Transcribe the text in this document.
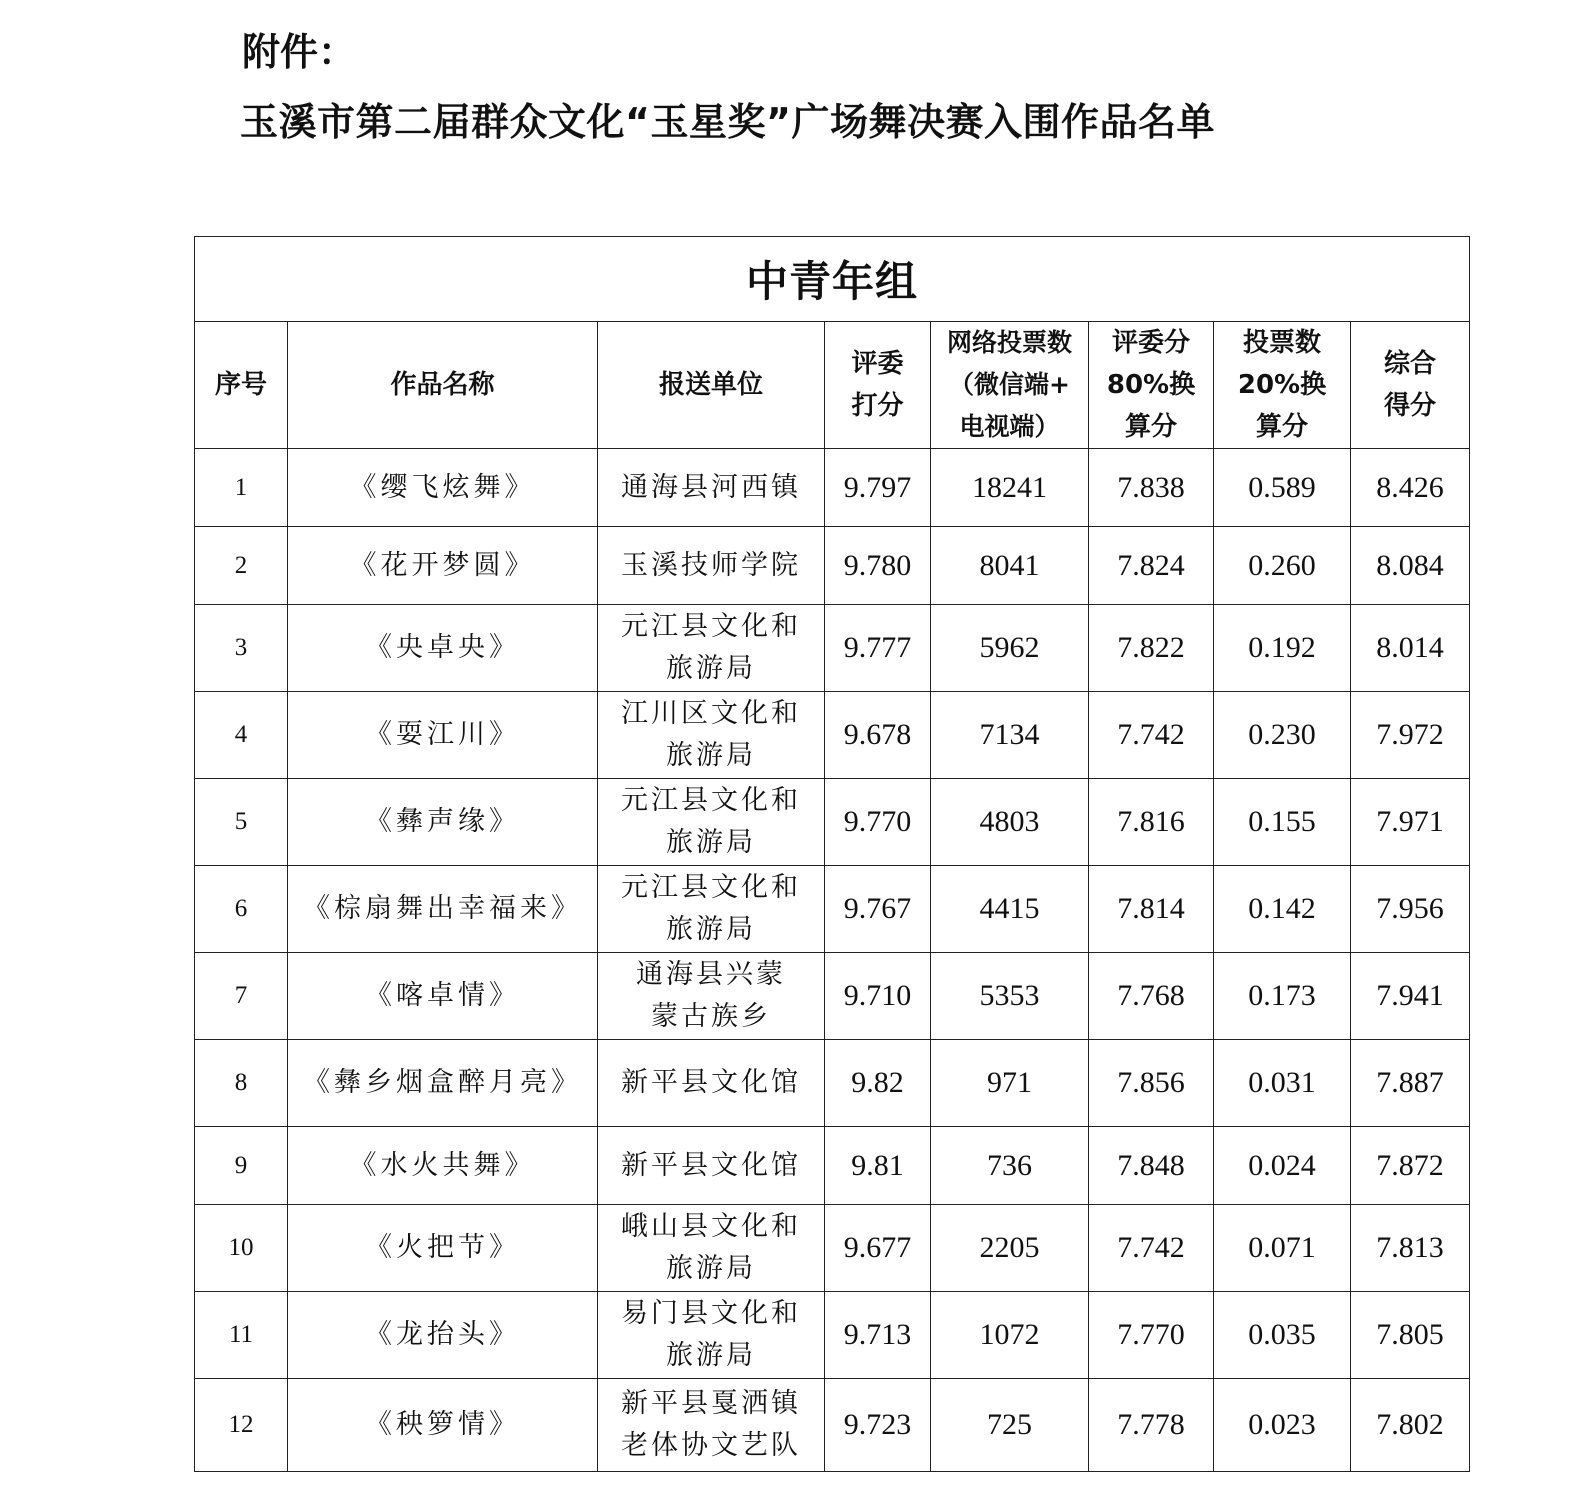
附件：
玉溪市第二届群众文化“玉星奖”广场舞决赛入围作品名单
中青年组							
序号	作品名称	报送单位	评委
打分	网络投票数
（微信端+
电视端）	评委分
80%换
算分	投票数
20%换
算分	综合
得分
1	《缨飞炫舞》	通海县河西镇	9.797	18241	7.838	0.589	8.426
2	《花开梦圆》	玉溪技师学院	9.780	8041	7.824	0.260	8.084
3	《央卓央》	元江县文化和
旅游局	9.777	5962	7.822	0.192	8.014
4	《耍江川》	江川区文化和
旅游局	9.678	7134	7.742	0.230	7.972
5	《彝声缘》	元江县文化和
旅游局	9.770	4803	7.816	0.155	7.971
6	《棕扇舞出幸福来》	元江县文化和
旅游局	9.767	4415	7.814	0.142	7.956
7	《喀卓情》	通海县兴蒙
蒙古族乡	9.710	5353	7.768	0.173	7.941
8	《彝乡烟盒醉月亮》	新平县文化馆	9.82	971	7.856	0.031	7.887
9	《水火共舞》	新平县文化馆	9.81	736	7.848	0.024	7.872
10	《火把节》	峨山县文化和
旅游局	9.677	2205	7.742	0.071	7.813
11	《龙抬头》	易门县文化和
旅游局	9.713	1072	7.770	0.035	7.805
12	《秧箩情》	新平县戛洒镇
老体协文艺队	9.723	725	7.778	0.023	7.802
